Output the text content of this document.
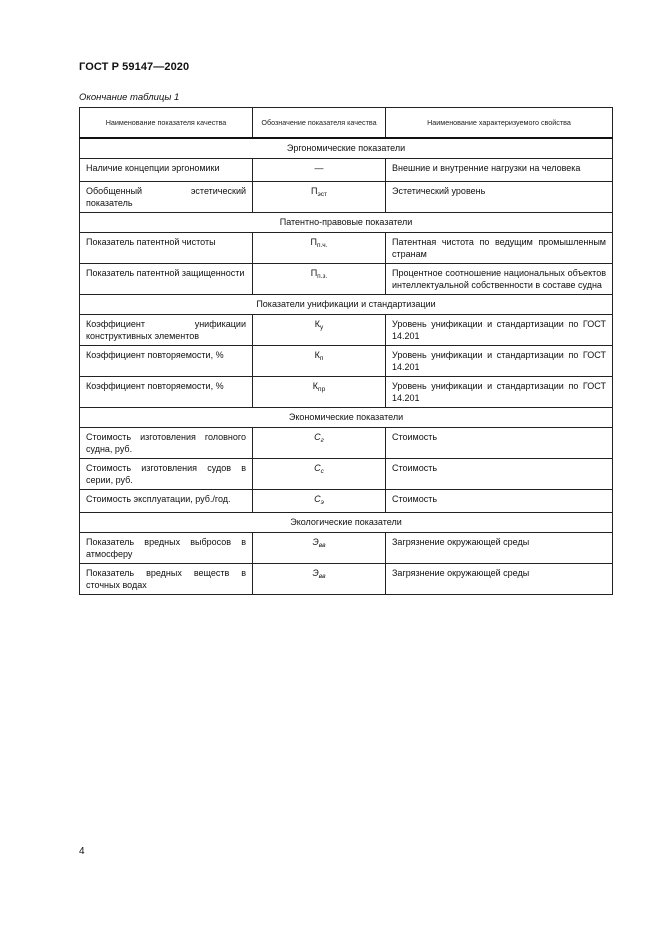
ГОСТ Р 59147—2020
Окончание таблицы 1
Наименование показателя качества	Обозначение показателя качества	Наименование характеризуемого свойства
Эргономические показатели		
Наличие концепции эргономики	—	Внешние и внутренние нагрузки на человека
Обобщенный эстетический показатель	$П_{эст}$	Эстетический уровень
Патентно-правовые показатели		
Показатель патентной чистоты	$П_{п.ч.}$	Патентная чистота по ведущим промышленным странам
Показатель патентной защищенности	$П_{п.з.}$	Процентное соотношение национальных объектов интеллектуальной собственности в составе судна
Показатели унификации и стандартизации		
Коэффициент унификации конструктивных элементов	$К_у$	Уровень унификации и стандартизации по ГОСТ 14.201
Коэффициент повторяемости, %	$К_п$	Уровень унификации и стандартизации по ГОСТ 14.201
Коэффициент повторяемости, %	$К_{пр}$	Уровень унификации и стандартизации по ГОСТ 14.201
Экономические показатели		
Стоимость изготовления головного судна, руб.	$С_г$	Стоимость
Стоимость изготовления судов в серии, руб.	$С_с$	Стоимость
Стоимость эксплуатации, руб./год.	$С_э$	Стоимость
Экологические показатели		
Показатель вредных выбросов в атмосферу	$Э_{вв}$	Загрязнение окружающей среды
Показатель вредных веществ в сточных водах	$Э_{вв}$	Загрязнение окружающей среды
4
